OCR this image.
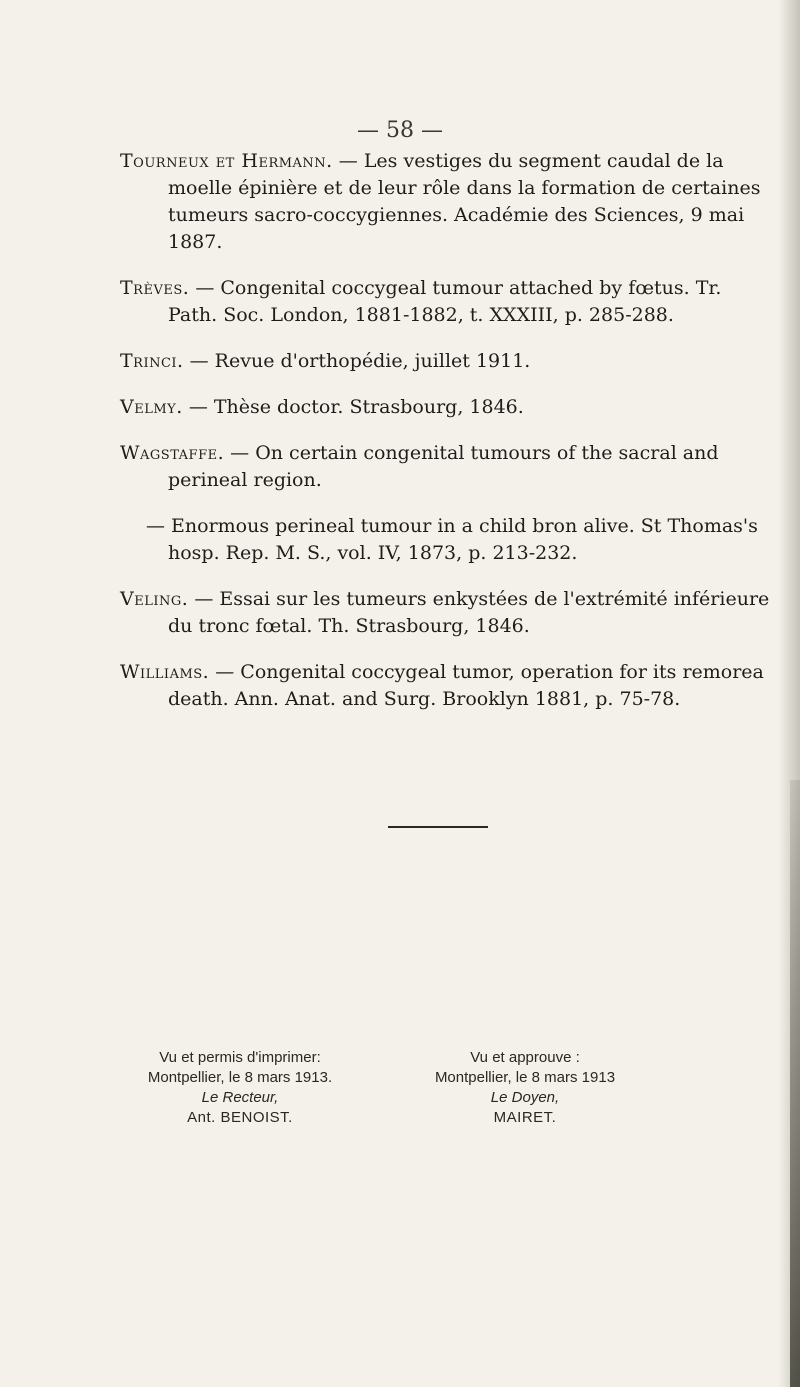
— 58 —

Tourneux et Hermann. — Les vestiges du segment caudal de la moelle épinière et de leur rôle dans la formation de certaines tumeurs sacro-coccygiennes. Académie des Sciences, 9 mai 1887.

Trèves. — Congenital coccygeal tumour attached by fœtus. Tr. Path. Soc. London, 1881-1882, t. XXXIII, p. 285-288.

Trinci. — Revue d'orthopédie, juillet 1911.

Velmy. — Thèse doctor. Strasbourg, 1846.

Wagstaffe. — On certain congenital tumours of the sacral and perineal region.

— Enormous perineal tumour in a child bron alive. St Thomas's hosp. Rep. M. S., vol. IV, 1873, p. 213-232.

Veling. — Essai sur les tumeurs enkystées de l'extrémité inférieure du tronc fœtal. Th. Strasbourg, 1846.

Williams. — Congenital coccygeal tumor, operation for its remorea death. Ann. Anat. and Surg. Brooklyn 1881, p. 75-78.

Vu et permis d'imprimer:
Montpellier, le 8 mars 1913.
Le Recteur,
Ant. BENOIST.
Vu et approuve :
Montpellier, le 8 mars 1913
Le Doyen,
MAIRET.
